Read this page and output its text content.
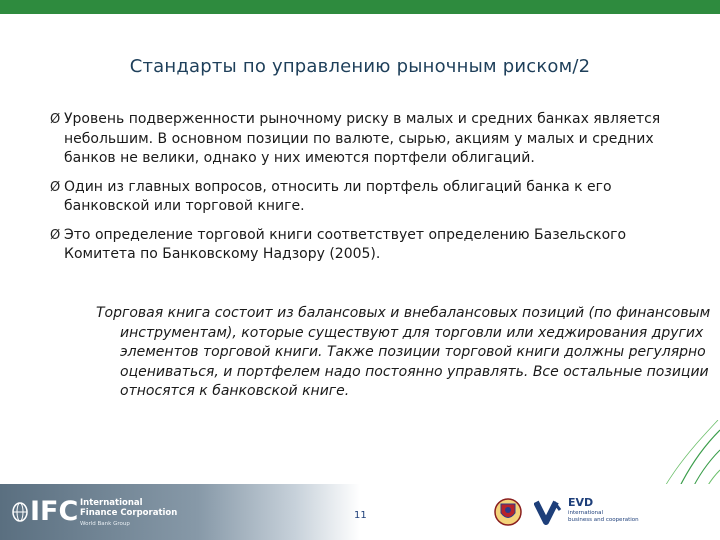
Стандарты по управлению рыночным риском/2
Ø Уровень подверженности рыночному риску в малых и средних банках является небольшим. В основном позиции по валюте, сырью, акциям у малых и средних банков не велики, однако у них имеются портфели облигаций.
Ø Один из главных вопросов, относить ли портфель облигаций банка к его банковской или торговой книге.
Ø Это определение торговой книги соответствует определению Базельского Комитета по Банковскому Надзору (2005).
Торговая книга состоит из балансовых и внебалансовых позиций (по финансовым инструментам), которые существуют для торговли или хеджирования других элементов торговой книги. Также позиции торговой книги должны регулярно оцениваться, и портфелем надо постоянно управлять. Все остальные позиции относятся к банковской книге.
IFC International
Finance Corporation
World Bank Group
11
EVD
international
business and cooperation
